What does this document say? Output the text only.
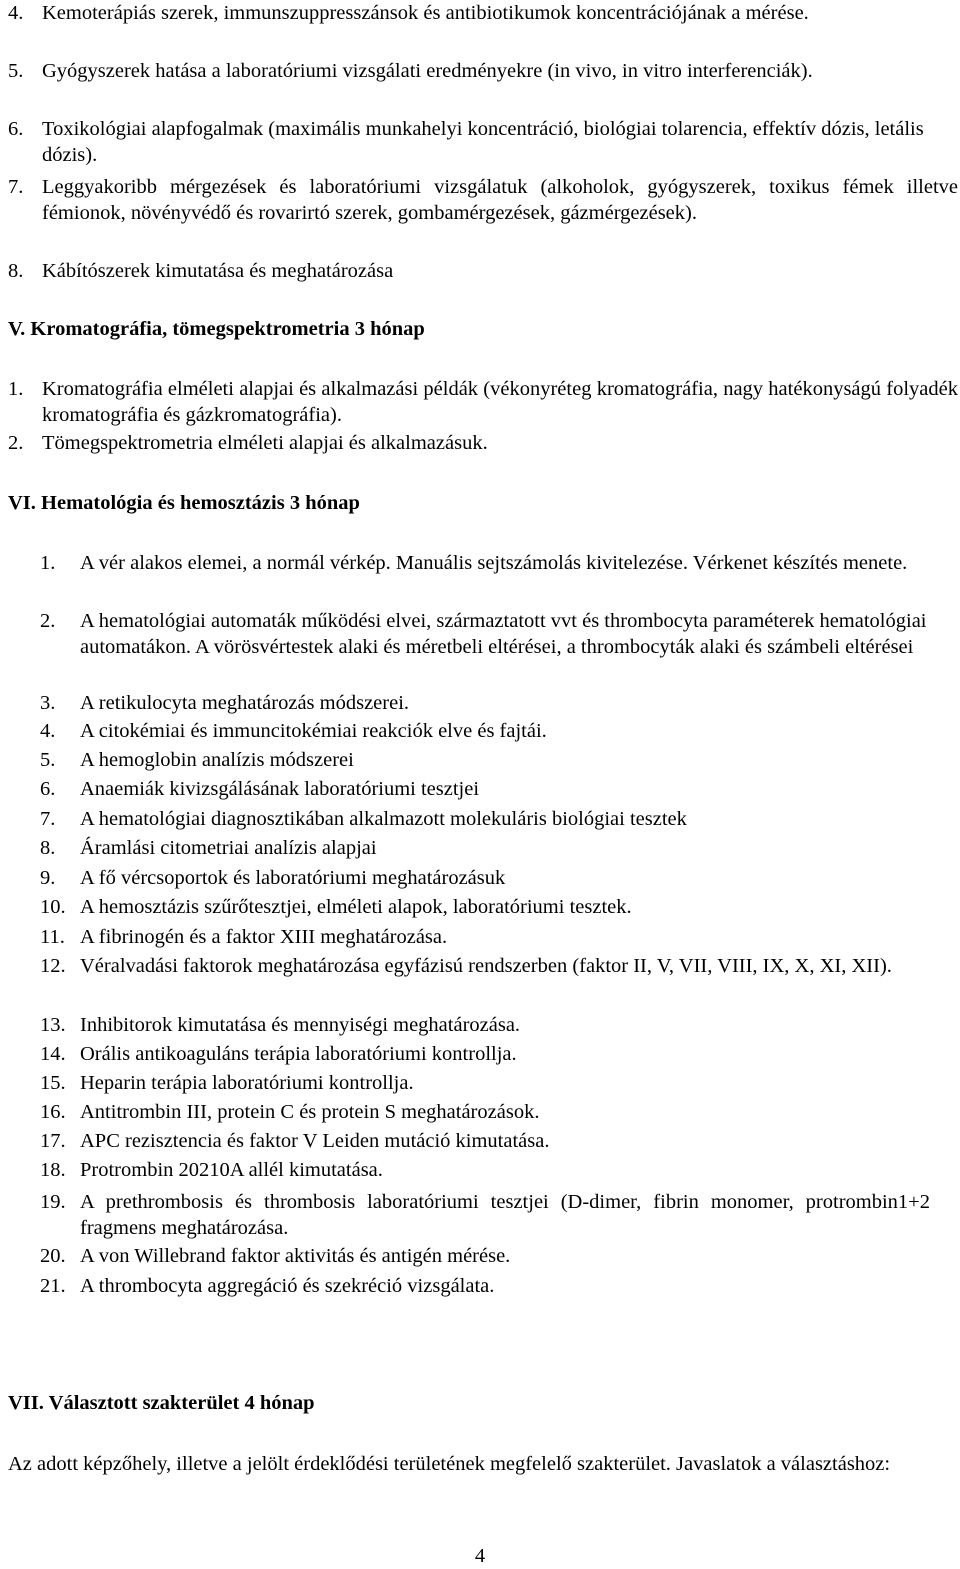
4. Kemoterápiás szerek, immunszuppresszánsok és antibiotikumok koncentrációjának a mérése.
5. Gyógyszerek hatása a laboratóriumi vizsgálati eredményekre (in vivo, in vitro interferenciák).
6. Toxikológiai alapfogalmak (maximális munkahelyi koncentráció, biológiai tolarencia, effektív dózis, letális dózis).
7. Leggyakoribb mérgezések és laboratóriumi vizsgálatuk (alkoholok, gyógyszerek, toxikus fémek illetve fémionok, növényvédő és rovarirtó szerek, gombamérgezések, gázmérgezések).
8. Kábítószerek kimutatása és meghatározása
V. Kromatográfia, tömegspektrometria 3 hónap
1. Kromatográfia elméleti alapjai és alkalmazási példák (vékonyréteg kromatográfia, nagy hatékonyságú folyadék kromatográfia és gázkromatográfia).
2. Tömegspektrometria elméleti alapjai és alkalmazásuk.
VI. Hematológia és hemosztázis 3 hónap
1. A vér alakos elemei, a normál vérkép. Manuális sejtszámolás kivitelezése. Vérkenet készítés menete.
2. A hematológiai automaták működési elvei, származtatott vvt és thrombocyta paraméterek hematológiai automatákon. A vörösvértestek alaki és méretbeli eltérései, a thrombocyták alaki és számbeli eltérései
3. A retikulocyta meghatározás módszerei.
4. A citokémiai és immuncitokémiai reakciók elve és fajtái.
5. A hemoglobin analízis módszerei
6. Anaemiák kivizsgálásának laboratóriumi tesztjei
7. A hematológiai diagnosztikában alkalmazott molekuláris biológiai tesztek
8. Áramlási citometriai analízis alapjai
9. A fő vércsoportok és laboratóriumi meghatározásuk
10. A hemosztázis szűrőtesztjei, elméleti alapok, laboratóriumi tesztek.
11. A fibrinogén és a faktor XIII meghatározása.
12. Véralvadási faktorok meghatározása egyfázisú rendszerben (faktor II, V, VII, VIII, IX, X, XI, XII).
13. Inhibitorok kimutatása és mennyiségi meghatározása.
14. Orális antikoaguláns terápia laboratóriumi kontrollja.
15. Heparin terápia laboratóriumi kontrollja.
16. Antitrombin III, protein C és protein S meghatározások.
17. APC rezisztencia és faktor V Leiden mutáció kimutatása.
18. Protrombin 20210A allél kimutatása.
19. A prethrombosis és thrombosis laboratóriumi tesztjei (D-dimer, fibrin monomer, protrombin1+2 fragmens meghatározása.
20. A von Willebrand faktor aktivitás és antigén mérése.
21. A thrombocyta aggregáció és szekréció vizsgálata.
VII. Választott szakterület 4 hónap
Az adott képzőhely, illetve a jelölt érdeklődési területének megfelelő szakterület. Javaslatok a választáshoz:
4
